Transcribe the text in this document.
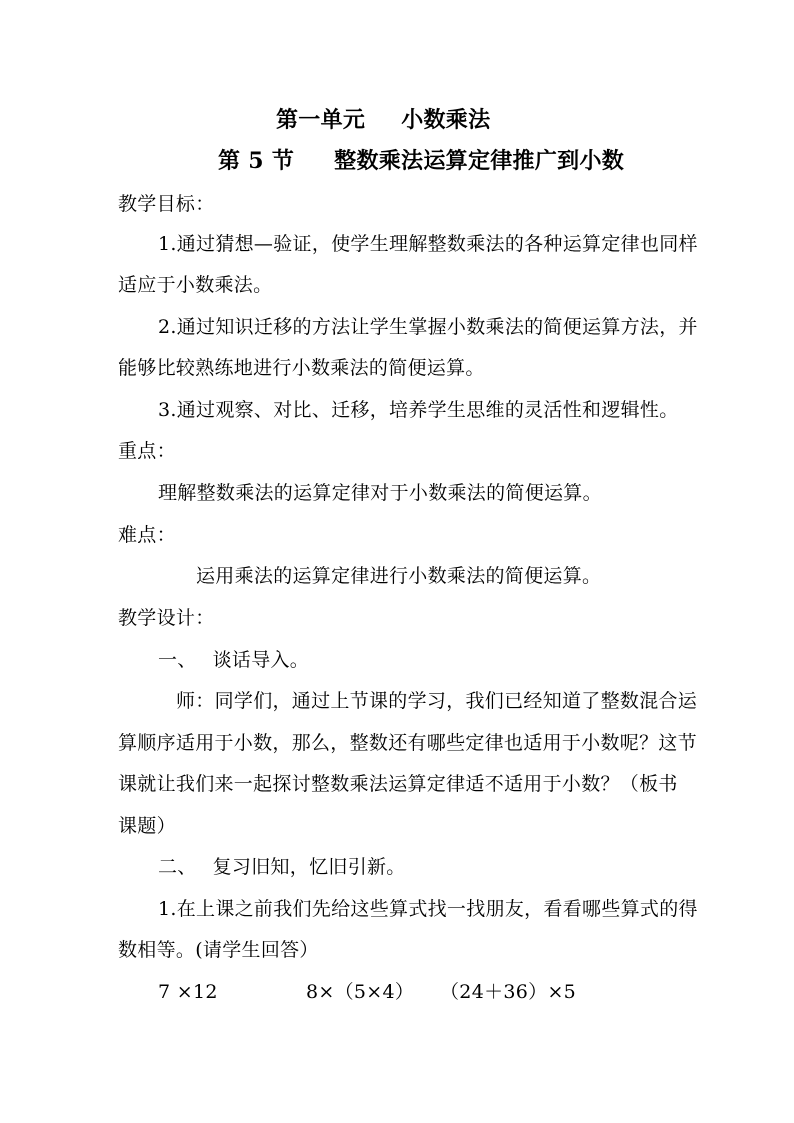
第一单元 小数乘法
第 5 节 整数乘法运算定律推广到小数
教学目标：
1.通过猜想—验证，使学生理解整数乘法的各种运算定律也同样
适应于小数乘法。
2.通过知识迁移的方法让学生掌握小数乘法的简便运算方法，并
能够比较熟练地进行小数乘法的简便运算。
3.通过观察、对比、迁移，培养学生思维的灵活性和逻辑性。
重点：
理解整数乘法的运算定律对于小数乘法的简便运算。
难点：
运用乘法的运算定律进行小数乘法的简便运算。
教学设计：
一、 谈话导入。
师：同学们，通过上节课的学习，我们已经知道了整数混合运
算顺序适用于小数，那么，整数还有哪些定律也适用于小数呢？这节
课就让我们来一起探讨整数乘法运算定律适不适用于小数？（板书
课题）
二、 复习旧知，忆旧引新。
1.在上课之前我们先给这些算式找一找朋友，看看哪些算式的得
数相等。(请学生回答）
7 ×12	8×（5×4） （24＋36）×5
